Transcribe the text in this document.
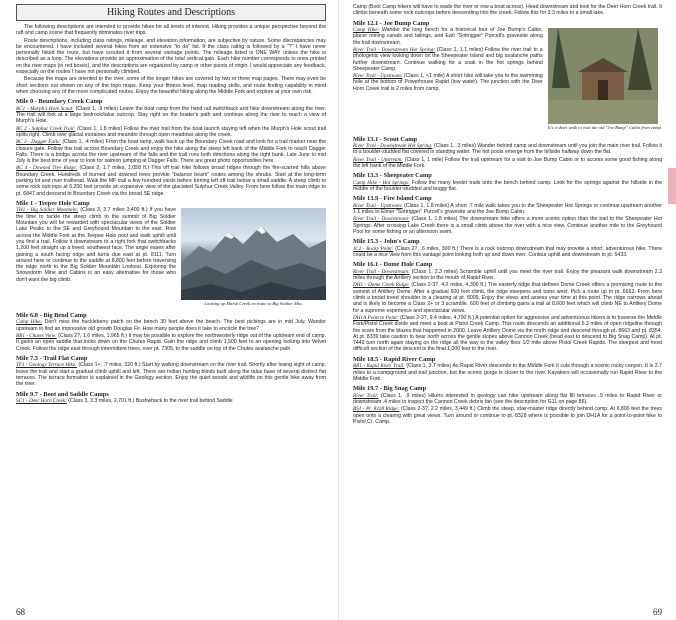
Hiking Routes and Descriptions

The following descriptions are intended to provide hikes for all levels of interest. Hiking provides a unique perspective beyond the raft and camp scene that frequently dominates river trips.

Route descriptions, including class ratings, mileage, and elevation information, are subjective by nature. Some discrepancies may be encountered. I have included several hikes from an extensive "to do" list. If the class rating is followed by a "?" I have never personally hiked the route, but have scouted it from several vantage points. The mileage listed is ONE WAY unless the hike is described as a loop. The elevations provide an approximation of the total vertical gain. Each hike number corresponds to ones printed on the river maps (in red boxes), and the descriptions are organized by camp or other points of origin. I would appreciate any feedback, especially on the routes I have not personally climbed.

Because the maps are oriented to the river, some of the longer hikes are covered by two or three map pages. There may even be short sections not shown on any of the topo maps. Keep your fitness level, map reading skills, and route finding capability in mind when choosing any of the more complicated routes. Enjoy the beautiful hiking along the Middle Fork and explore at your own risk.

Mile 0 - Boundary Creek Camp

BC1 - Murph's Hole Scout: (Class 1, .9 miles) Leave the boat ramp from the hand rail switchback and hike downstream along the river. The trail will fork at a large bedrock/talus outcrop. Stay right on the boater's path and continue along the river to reach a view of Murph's Hole.

BC 2 - Sulphur Creek Trail: (Class 1, 1.8 miles) Follow the river trail from the boat launch staying left when the Murph's Hole scout trail splits right. Climb over glacial moraines and meander through open meadows along the creek.

BC 3 - Dagger Falls: (Class 1, .4 miles) From the boat ramp, walk back up the Boundary Creek road and look for a trail marker near the closure gate. Follow this trail across Boundary Creek and enjoy the hike along the steep left bank of the Middle Fork to reach Dagger Falls. There is a bridge across the river upstream of the falls and the trail runs both directions along the right bank. Late June to mid July is the best time of year to look for salmon jumping at Dagger Falls. There are great photo opportunities here.

BC 4 - Downed Tree Ridge: (Class 2, 1.7 miles, 1,058 ft.) This off trail hike follows broad ridges through the fire-scarred hills above Boundary Creek. Hundreds of burned and downed trees provide "balance beam" routes among the shrubs. Start at the long-term parking lot and river trailhead. Walk the MF trail a few hundred yards before turning left off-trail below a small saddle. A steep climb to some rock outcrops at 6,200 feet provide an expansive view of the glaciated Sulphur Creek Valley. From here follow the main ridge to pt. 6847 and descend to Boundary Creek via the broad SE ridge.

Mile 1 - Teepee Hole Camp
Looking up Marsh Creek en route to Big Soldier Mtn.

TH1 - Big Soldier Mountain: (Class 3, 3.7 miles 3,400 ft.) If you have the time to tackle the steep climb to the summit of Big Soldier Mountain you will be rewarded with spectacular views of the Soldier Lake Peaks to the SE and Greyhound Mountain to the east. Row across the Middle Fork at the Teepee Hole pool and walk uphill until you find a trail. Follow it downstream to a right fork that switchbacks 1,200 feet straight up a treed, southwest face. The angle eases after gaining a south facing ridge and turns due east at pt. 8111. Turn around here or continue to the saddle at 8,800 feet before traversing the ridge north to the Big Soldier Mountain Lookout. Exploring the Snowstorm Mine and Cabins is an easy alternative for those who don't want the big climb.

Mile 6.8 - Big Bend Camp

Camp Hike: Don't miss the huckleberry patch on the bench 30 feet above the beach. The best pickings are in mid July. Wander upstream to find an impressive old growth Douglas Fir. How many people does it take to encircle the tree?

BB1 - Chutes View: (Class 2?, 1.6 miles, 1,965 ft.) It may be possible to explore the northwesterly ridge out of the upstream end of camp. It gains an open saddle that looks down on the Chutes Rapid. Gain the ridge and climb 1,500 feet to an opening looking into Velvet Creek. Follow the ridge east through intermittent trees, over pt. 7305, to the saddle on top of the Chutes avalanche path.

Mile 7.3 - Trail Flat Camp

TF1 - Geology Terrace Hike: (Class 1+, .7 miles, 320 ft.) Start by walking downstream on the river trail. Shortly after losing sight of camp, leave the trail and start a gradual climb uphill and left. There are Indian hunting blinds built along the talus base of several distinct flat terraces. The terrace formation is explained in the Geology section. Enjoy the quiet woods and wildlife on this gentle hike away from the river.

Mile 9.7 - Boot and Saddle Camps

SC1 - Deer Horn Creek: (Class 3, 3.3 miles, 2,701 ft.) Bushwhack to the river trail behind Saddle

68

Camp (Boot Camp hikers will have to wade the river or row a boat across). Head downstream and look for the Deer Horn Creek trail. It climbs beneath some rock outcrops before descending into the creek. Follow this for 3.3 miles to a small lake.

Mile 12.1 - Joe Bump Camp
It's a short walk to visit the old "Joe Bump" Cabin from camp.

Camp Hike: Wander the long bench for a historical tour of Joe Bump's Cabin, placer mining canals and tailings, and Earl "Sottrigger" Purcell's gravesite along the trail downstream.

River Trail - Downstream Hot Spring: (Class 1, 1.1 miles) Follow the river trail to a photogenic view looking down on the Sheepeater Island and big avalanche paths further downstream. Continue walking for a soak in the hot springs behind Sheepeater Camp.

River Trail - Upstream: (Class 1, <1 mile) A short hike will take you to the swimming hole at the bottom of Powerhouse Rapid (low water). The junction with the Deer Horn Creek trail is 2 miles from camp.

Mile 13.1 - Scout Camp

River Trail - Downstream Hot Spring: (Class 1, .3 miles) Wander behind camp and downstream until you join the main river trail. Follow it to a boulder-studded flat covered in standing water. The hot pools emerge from the hillside halfway down the flat.

River Trail - Upstream: (Class 1, 1 mile) Follow the trail upstream for a visit to Joe Bump Cabin or to access some good fishing along the left bank of the Middle Fork.

Mile 13.3 - Sheepeater Camp

Camp Hike - Hot Springs: Follow the many feeder trails onto the bench behind camp. Look for the springs against the hillside in the middle of the boulder-studded and boggy flat.

Mile 13.9 - Fire Island Camp

River Trail - Upstream: (Class 1, 1.8 miles) A short .7 mile walk takes you to the Sheepeater Hot Springs or continue upstream another 1.1 miles to Elmer "Sottrigger" Purcell's gravesite and the Joe Bump Cabin.

River Trail - Downstream: (Class 1, 1.8 miles) The downstream hike offers a more scenic option than the trail to the Sheepeater Hot Springs. After crossing Lake Creek there is a small climb above the river with a nice view. Continue another mile to the Greyhound Pool for some fishing or an afternoon swim.

Mile 15.3 - John's Camp

JC1 - Rocky Point: (Class 2?, .6 miles, 300 ft.) There is a rock outcrop downstream that may provide a short, adventurous hike. There could be a nice view from this vantage point looking both up and down river. Contour uphill and downstream to pt. 5433.

Mile 16.1 - Dome Hole Camp

River Trail - Downstream: (Class 1, 2.3 miles) Scramble uphill until you meet the river trail. Enjoy the pleasant walk downstream 2.3 miles through the Artillery section to the mouth of Rapid River.

DH1 - Dome Creek Ridge: (Class 2-3?, 4.2 miles, 4,300 ft.) The easterly ridge that defines Dome Creek offers a promising route to the summit of Artillery Dome. After a gradual 600 foot climb, the ridge steepens and turns west. Pick a route up to pt. 6652. From here climb a broad treed shoulder to a clearing at pt. 8009. Enjoy the views and assess your time at this point. The ridge narrows ahead and is likely to become a Class 2+ or 3 scramble. 600 feet of climbing gains a trail at 8,600 feet which will climb NE to Artillery Dome for a supreme experience and spectacular views.

DH1A Point to Point: (Class 2-3?, 9.4 miles, 4,700 ft.) A potential option for aggressive and adventurous hikers is to traverse the Middle Fork/Pistol Creek divide and meet a boat at Pistol Creek Camp. This route descends an additional 5.3 miles of open ridgeline through fire scars from the blazes that happened in 2000. Leave Artillery Dome via the north ridge and descend through pt. 8663 and pt. 8354. At pt. 8339 take caution to bear north across the gentle slopes above Cannon Creek (head east to descend to Big Snag Camp). At pt. 7449 turn north again staying on the ridge all the way to the valley floor 1/2 mile above Pistol Creek Rapids. The steepest and most difficult section of the descent is the final 1,000 feet to the river.

Mile 18.5 - Rapid River Camp

RR1 - Rapid River Trail: (Class 1, 3.7 miles) As Rapid River descends to the Middle Fork it cuts through a scenic rocky canyon. It is 3.7 miles to a campground and trail junction, but the scenic gorge is closer to the river. Kayakers will occasionally run Rapid River to the Middle Fork.

Mile 19.7 - Big Snag Camp

River Trail: (Class 1, .9 miles) Hikers interested in geology can hike upstream along flat fill terraces .9 miles to Rapid River or downstream .4 miles to inspect the Cannon Creek debris fan (see the description for G11 on page 86).

BS1 - Pt. 8328 Ridge: (Class 2-3?, 2.2 miles, 3,449 ft.) Climb the steep, stair-master ridge directly behind camp. At 6,800 feet the trees open onto a clearing with great views. Turn around or continue to pt. 8328 where is possible to join DH1A for a point-to-point hike to Pistol Cr. Camp.

69
